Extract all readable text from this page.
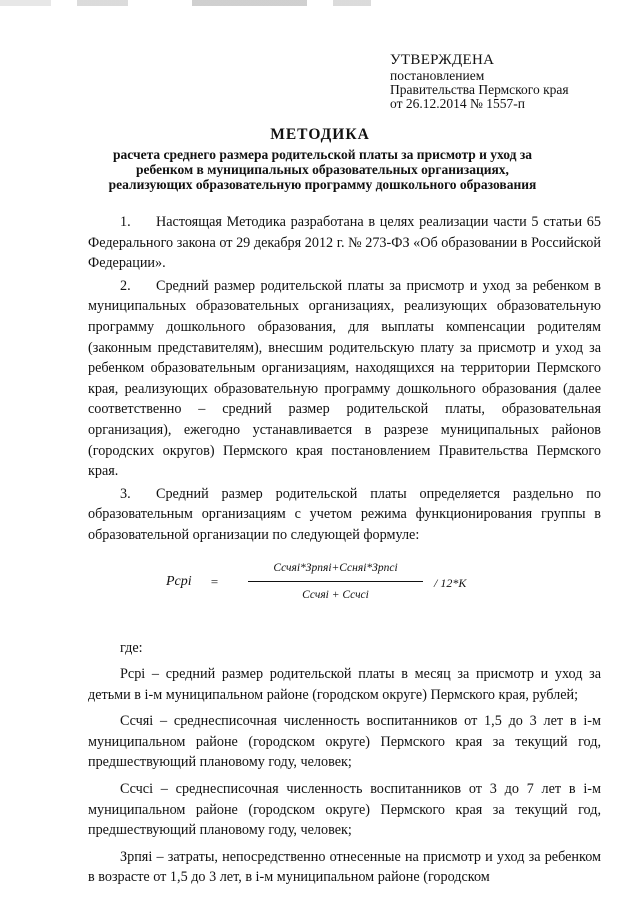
УТВЕРЖДЕНА
постановлением
Правительства Пермского края
от 26.12.2014 № 1557-п
МЕТОДИКА
расчета среднего размера родительской платы за присмотр и уход за ребенком в муниципальных образовательных организациях, реализующих образовательную программу дошкольного образования

1. Настоящая Методика разработана в целях реализации части 5 статьи 65 Федерального закона от 29 декабря 2012 г. № 273-ФЗ «Об образовании в Российской Федерации».

2. Средний размер родительской платы за присмотр и уход за ребенком в муниципальных образовательных организациях, реализующих образовательную программу дошкольного образования, для выплаты компенсации родителям (законным представителям), внесшим родительскую плату за присмотр и уход за ребенком образовательным организациям, находящихся на территории Пермского края, реализующих образовательную программу дошкольного образования (далее соответственно – средний размер родительской платы, образовательная организация), ежегодно устанавливается в разрезе муниципальных районов (городских округов) Пермского края постановлением Правительства Пермского края.

3. Средний размер родительской платы определяется раздельно по образовательным организациям с учетом режима функционирования группы в образовательной организации по следующей формуле:

Pcpi =
Ссчяі*Зрпяі+Ссняі*Зрпсі
Ссчяі + Ссчсі
/ 12*К
где:

Рсрі – средний размер родительской платы в месяц за присмотр и уход за детьми в і-м муниципальном районе (городском округе) Пермского края, рублей;

Ссчяі – среднесписочная численность воспитанников от 1,5 до 3 лет в і-м муниципальном районе (городском округе) Пермского края за текущий год, предшествующий плановому году, человек;

Ссчсі – среднесписочная численность воспитанников от 3 до 7 лет в і-м муниципальном районе (городском округе) Пермского края за текущий год, предшествующий плановому году, человек;

Зрпяі – затраты, непосредственно отнесенные на присмотр и уход за ребенком в возрасте от 1,5 до 3 лет, в і-м муниципальном районе (городском
